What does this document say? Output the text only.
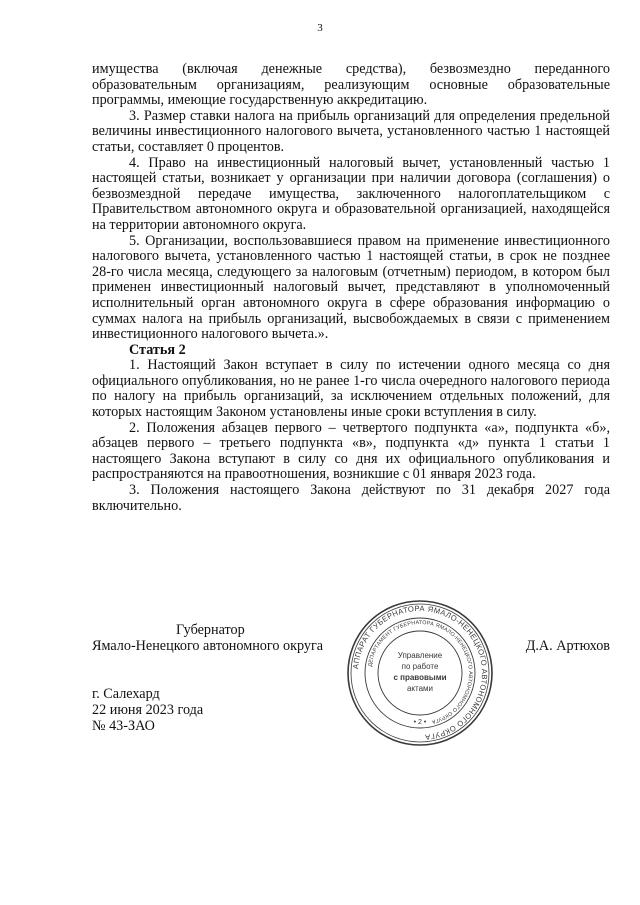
3

имущества (включая денежные средства), безвозмездно переданного образовательным организациям, реализующим основные образовательные программы, имеющие государственную аккредитацию.

3. Размер ставки налога на прибыль организаций для определения предельной величины инвестиционного налогового вычета, установленного частью 1 настоящей статьи, составляет 0 процентов.

4. Право на инвестиционный налоговый вычет, установленный частью 1 настоящей статьи, возникает у организации при наличии договора (соглашения) о безвозмездной передаче имущества, заключенного налогоплательщиком с Правительством автономного округа и образовательной организацией, находящейся на территории автономного округа.

5. Организации, воспользовавшиеся правом на применение инвестиционного налогового вычета, установленного частью 1 настоящей статьи, в срок не позднее 28-го числа месяца, следующего за налоговым (отчетным) периодом, в котором был применен инвестиционный налоговый вычет, представляют в уполномоченный исполнительный орган автономного округа в сфере образования информацию о суммах налога на прибыль организаций, высвобождаемых в связи с применением инвестиционного налогового вычета.».

Статья 2

1. Настоящий Закон вступает в силу по истечении одного месяца со дня официального опубликования, но не ранее 1-го числа очередного налогового периода по налогу на прибыль организаций, за исключением отдельных положений, для которых настоящим Законом установлены иные сроки вступления в силу.

2. Положения абзацев первого – четвертого подпункта «а», подпункта «б», абзацев первого – третьего подпункта «в», подпункта «д» пункта 1 статьи 1 настоящего Закона вступают в силу со дня их официального опубликования и распространяются на правоотношения, возникшие с 01 января 2023 года.

3. Положения настоящего Закона действуют по 31 декабря 2027 года включительно.

Губернатор
Ямало-Ненецкого автономного округа	Д.А. Артюхов
АППАРАТ ГУБЕРНАТОРА ЯМАЛО-НЕНЕЦКОГО АВТОНОМНОГО ОКРУГА
ДЕПАРТАМЕНТ ГУБЕРНАТОРА ЯМАЛО-НЕНЕЦКОГО АВТОНОМНОГО ОКРУГА
Управление
по работе
с правовыми
актами
• 2 •
г. Салехард
22 июня 2023 года
№ 43-ЗАО
